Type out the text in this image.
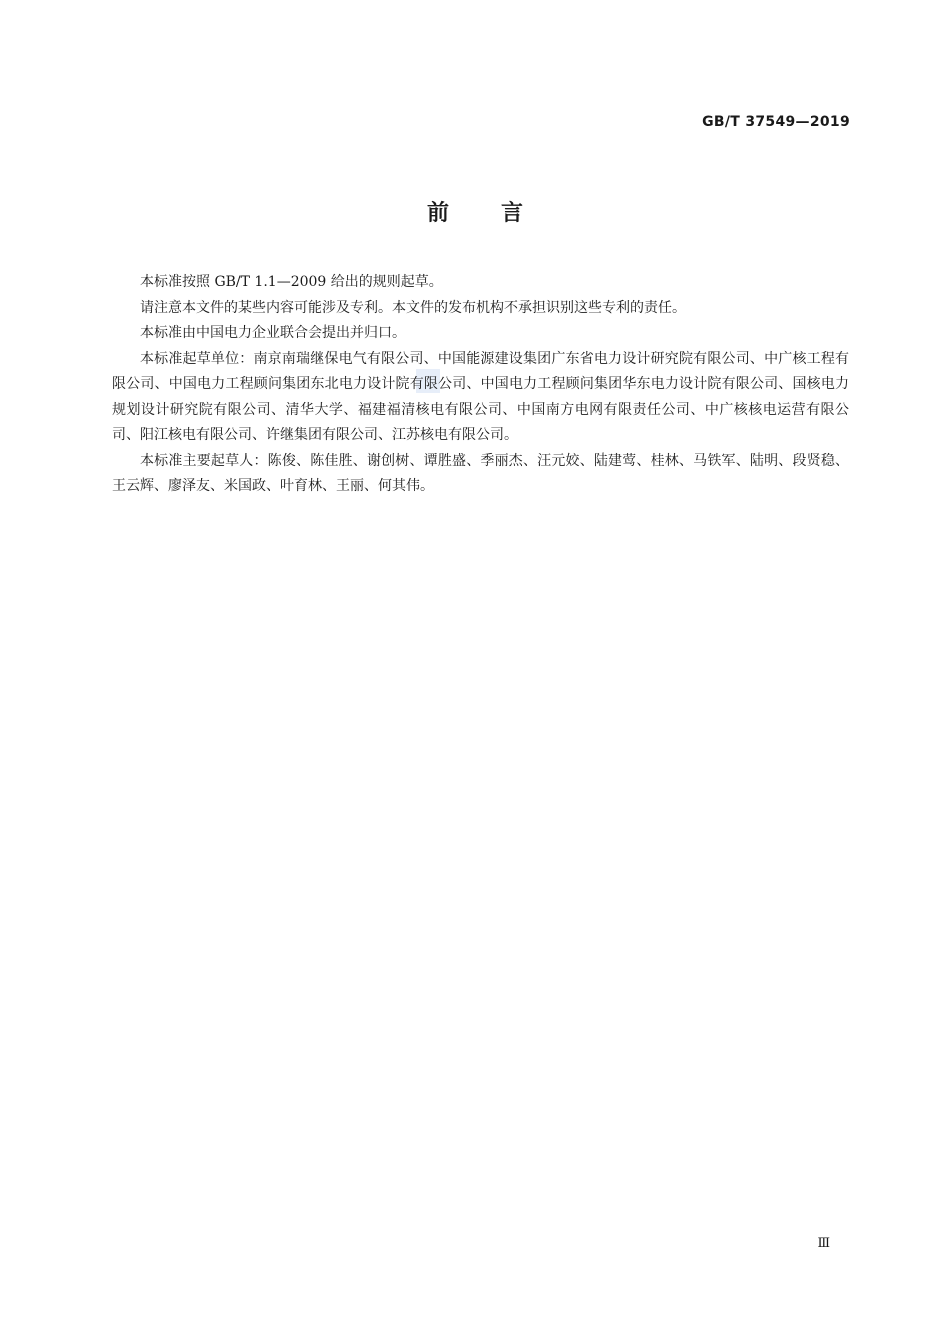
GB/T 37549—2019
前 言

本标准按照 GB/T 1.1—2009 给出的规则起草。

请注意本文件的某些内容可能涉及专利。本文件的发布机构不承担识别这些专利的责任。

本标准由中国电力企业联合会提出并归口。

本标准起草单位：南京南瑞继保电气有限公司、中国能源建设集团广东省电力设计研究院有限公司、中广核工程有限公司、中国电力工程顾问集团东北电力设计院有限公司、中国电力工程顾问集团华东电力设计院有限公司、国核电力规划设计研究院有限公司、清华大学、福建福清核电有限公司、中国南方电网有限责任公司、中广核核电运营有限公司、阳江核电有限公司、许继集团有限公司、江苏核电有限公司。

本标准主要起草人：陈俊、陈佳胜、谢创树、谭胜盛、季丽杰、汪元姣、陆建莺、桂林、马铁军、陆明、段贤稳、王云辉、廖泽友、米国政、叶育林、王丽、何其伟。

Ⅲ
